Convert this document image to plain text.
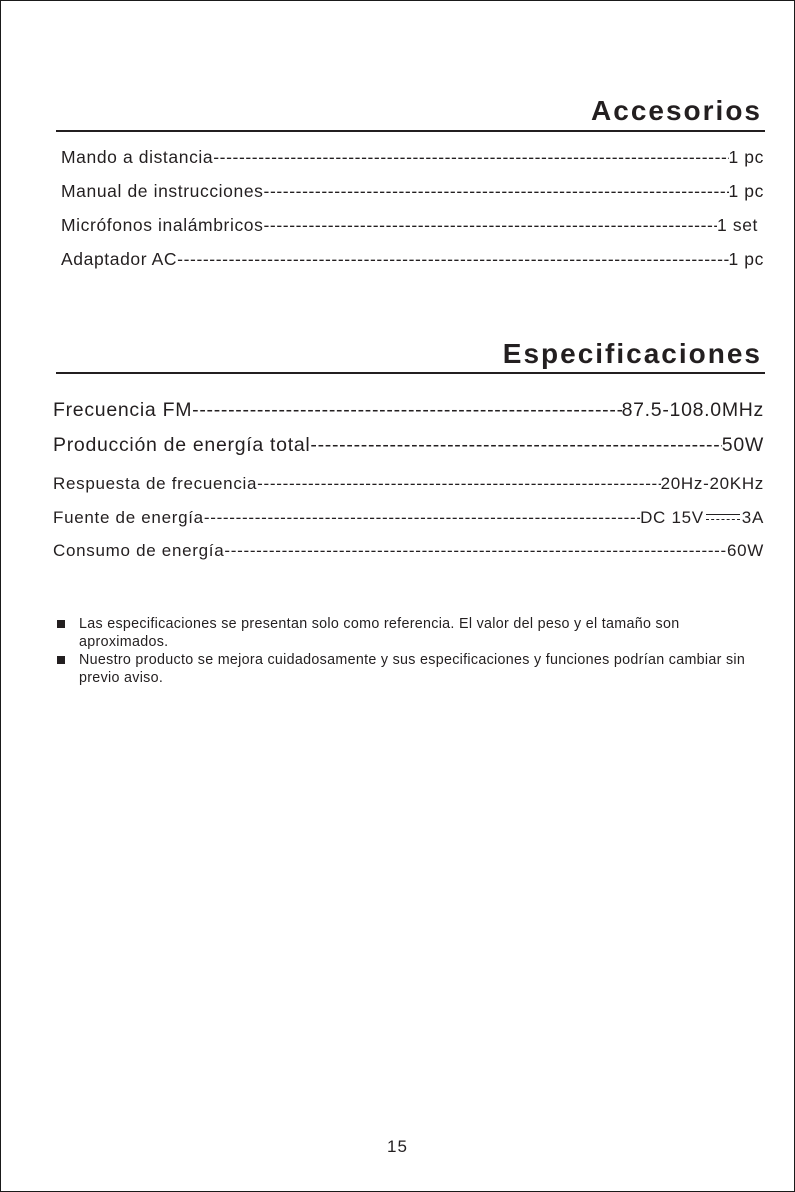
Accesorios
Mando a distancia -----	1 pc
Manual de instrucciones -----	1 pc
Micrófonos inalámbricos -----	1 set
Adaptador AC -----	1 pc
Especificaciones
Frecuencia FM -----	87.5-108.0MHz
Producción de energía total -----	50W
Respuesta de frecuencia -----	20Hz-20KHz
Fuente de energía -----	DC 15V 3A
Consumo de energía -----	60W
Las especificaciones se presentan solo como referencia. El valor del peso y el tamaño son aproximados.
Nuestro producto se mejora cuidadosamente y sus especificaciones y funciones podrían cambiar sin previo aviso.
15
